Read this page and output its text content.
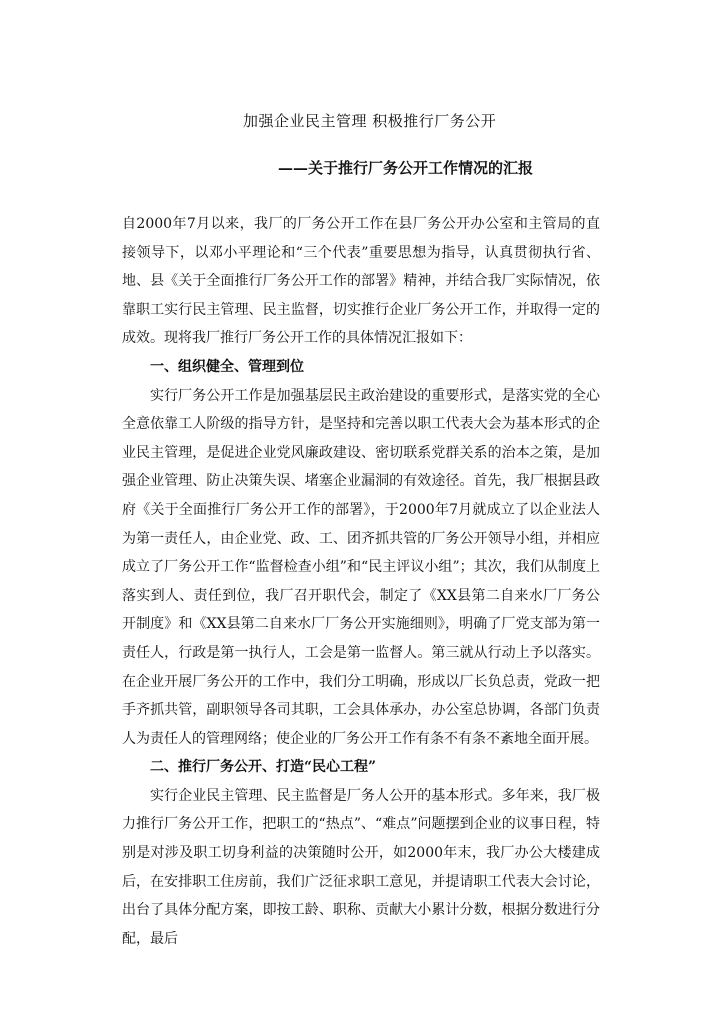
加强企业民主管理 积极推行厂务公开
——关于推行厂务公开工作情况的汇报

自2000年7月以来，我厂的厂务公开工作在县厂务公开办公室和主管局的直接领导下，以邓小平理论和“三个代表”重要思想为指导，认真贯彻执行省、地、县《关于全面推行厂务公开工作的部署》精神，并结合我厂实际情况，依靠职工实行民主管理、民主监督，切实推行企业厂务公开工作，并取得一定的成效。现将我厂推行厂务公开工作的具体情况汇报如下：

一、组织健全、管理到位

实行厂务公开工作是加强基层民主政治建设的重要形式，是落实党的全心全意依靠工人阶级的指导方针，是坚持和完善以职工代表大会为基本形式的企业民主管理，是促进企业党风廉政建设、密切联系党群关系的治本之策，是加强企业管理、防止决策失误、堵塞企业漏洞的有效途径。首先，我厂根据县政府《关于全面推行厂务公开工作的部署》，于2000年7月就成立了以企业法人为第一责任人，由企业党、政、工、团齐抓共管的厂务公开领导小组，并相应成立了厂务公开工作“监督检查小组”和“民主评议小组”；其次，我们从制度上落实到人、责任到位，我厂召开职代会，制定了《XX县第二自来水厂厂务公开制度》和《XX县第二自来水厂厂务公开实施细则》，明确了厂党支部为第一责任人，行政是第一执行人，工会是第一监督人。第三就从行动上予以落实。在企业开展厂务公开的工作中，我们分工明确，形成以厂长负总责，党政一把手齐抓共管，副职领导各司其职，工会具体承办，办公室总协调，各部门负责人为责任人的管理网络；使企业的厂务公开工作有条不有条不紊地全面开展。

二、推行厂务公开、打造“民心工程”

实行企业民主管理、民主监督是厂务人公开的基本形式。多年来，我厂极力推行厂务公开工作，把职工的“热点”、“难点”问题摆到企业的议事日程，特别是对涉及职工切身利益的决策随时公开，如2000年末，我厂办公大楼建成后，在安排职工住房前，我们广泛征求职工意见，并提请职工代表大会讨论，出台了具体分配方案，即按工龄、职称、贡献大小累计分数，根据分数进行分配，最后
